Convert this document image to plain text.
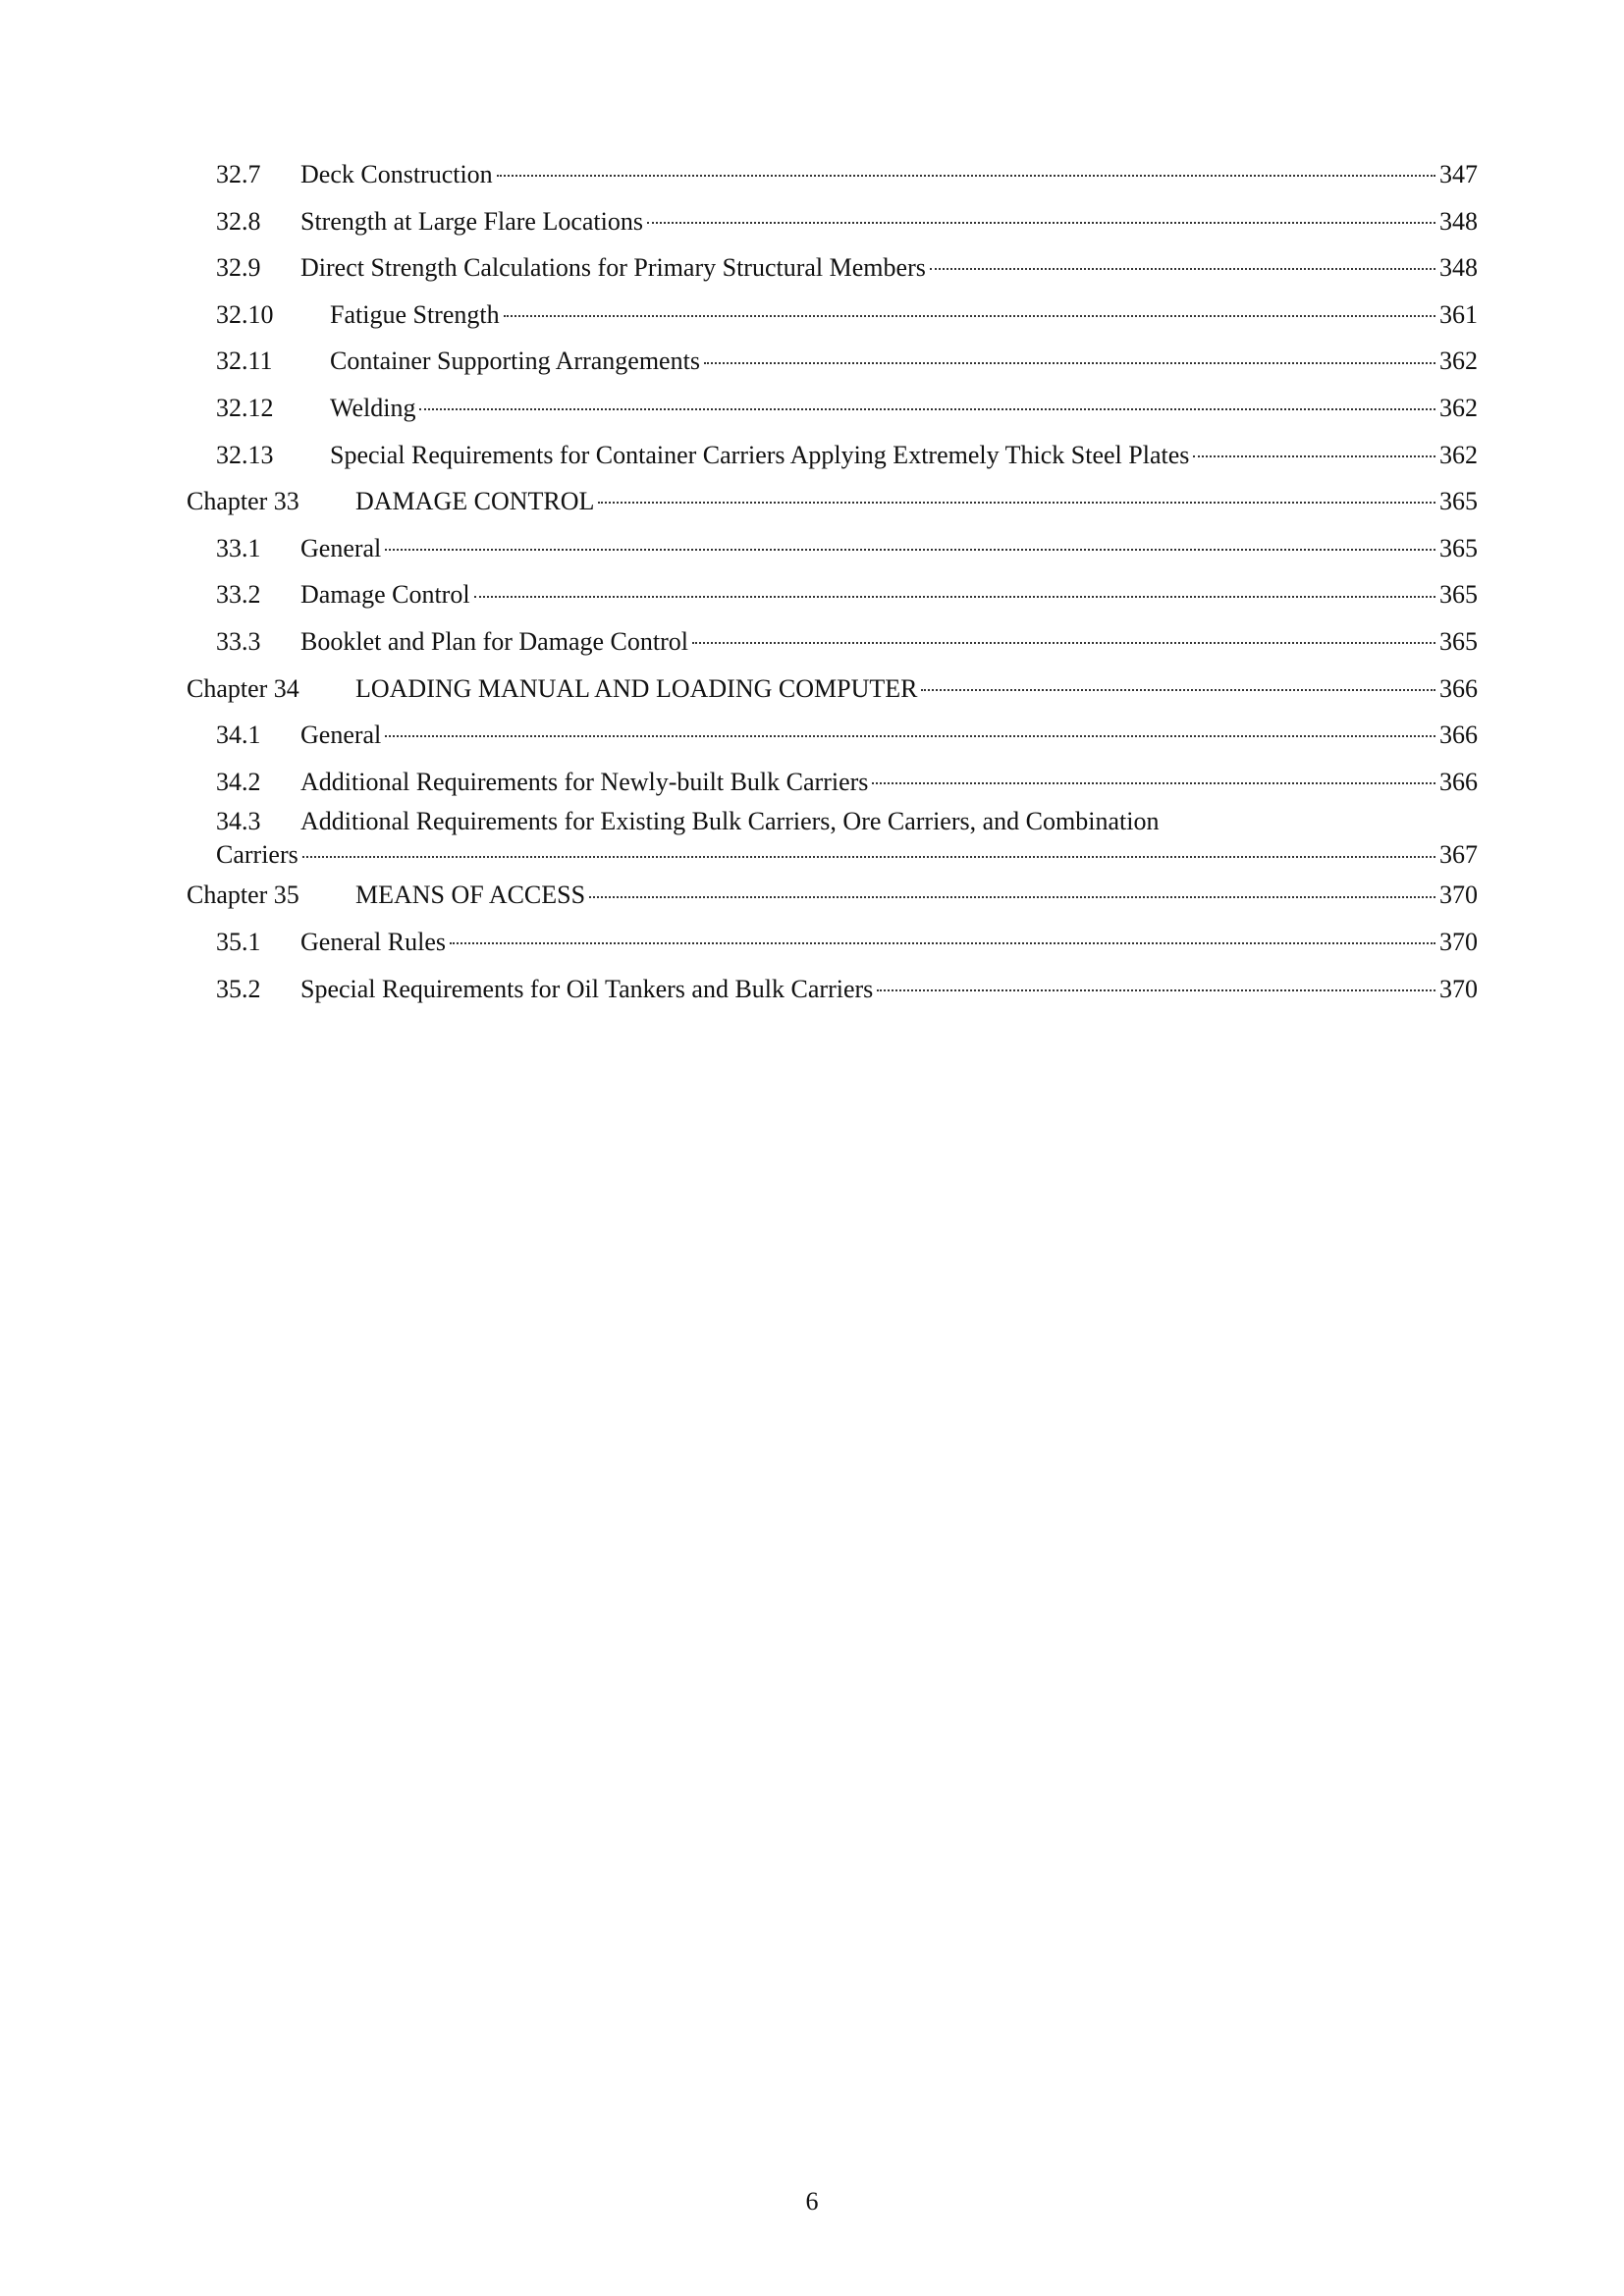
32.7	Deck Construction	347
32.8	Strength at Large Flare Locations	348
32.9	Direct Strength Calculations for Primary Structural Members	348
32.10	Fatigue Strength	361
32.11	Container Supporting Arrangements	362
32.12	Welding	362
32.13	Special Requirements for Container Carriers Applying Extremely Thick Steel Plates	362
Chapter 33	DAMAGE CONTROL	365
33.1	General	365
33.2	Damage Control	365
33.3	Booklet and Plan for Damage Control	365
Chapter 34	LOADING MANUAL AND LOADING COMPUTER	366
34.1	General	366
34.2	Additional Requirements for Newly-built Bulk Carriers	366
34.3 Additional Requirements for Existing Bulk Carriers, Ore Carriers, and Combination
Carriers	367
Chapter 35	MEANS OF ACCESS	370
35.1	General Rules	370
35.2	Special Requirements for Oil Tankers and Bulk Carriers	370
6
